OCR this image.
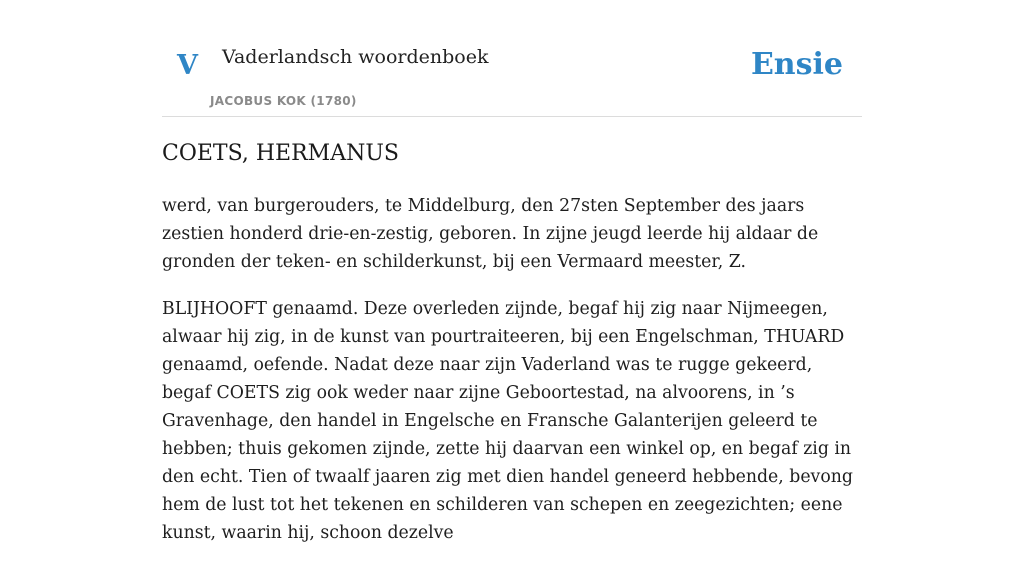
V Vaderlandsch woordenboek
JACOBUS KOK (1780)
Ensie
COETS, HERMANUS

werd, van burgerouders, te Middelburg, den 27sten September des jaars zestien honderd drie-en-zestig, geboren. In zijne jeugd leerde hij aldaar de gronden der teken- en schilderkunst, bij een Vermaard meester, Z.

BLIJHOOFT genaamd. Deze overleden zijnde, begaf hij zig naar Nijmeegen, alwaar hij zig, in de kunst van pourtraiteeren, bij een Engelschman, THUARD genaamd, oefende. Nadat deze naar zijn Vaderland was te rugge gekeerd, begaf COETS zig ook weder naar zijne Geboortestad, na alvoorens, in ’s Gravenhage, den handel in Engelsche en Fransche Galanterijen geleerd te hebben; thuis gekomen zijnde, zette hij daarvan een winkel op, en begaf zig in den echt. Tien of twaalf jaaren zig met dien handel geneerd hebbende, bevong hem de lust tot het tekenen en schilderen van schepen en zeegezichten; eene kunst, waarin hij, schoon dezelve
